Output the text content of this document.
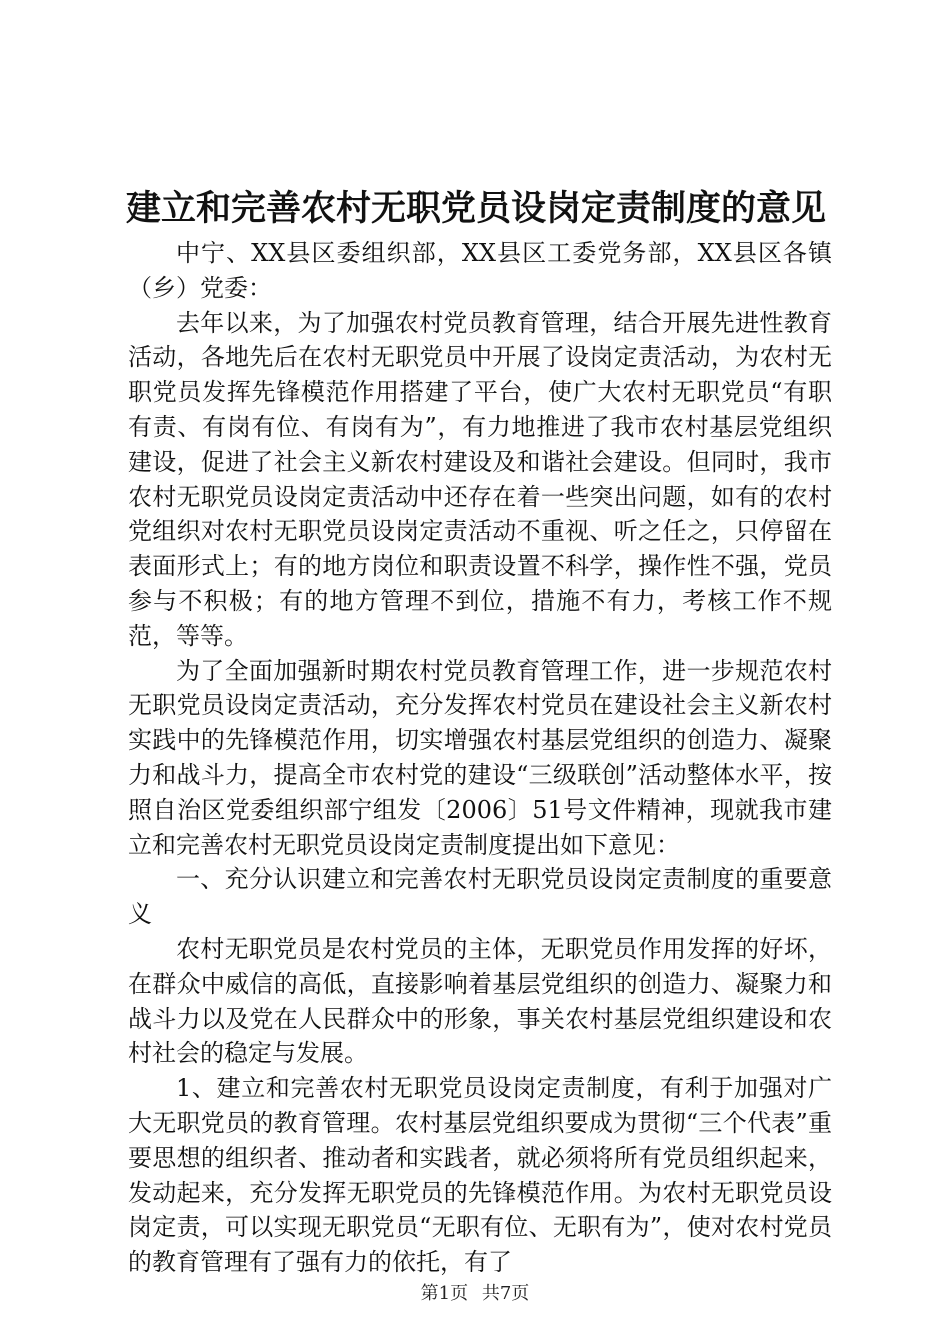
建立和完善农村无职党员设岗定责制度的意见

中宁、XX县区委组织部，XX县区工委党务部，XX县区各镇（乡）党委：

去年以来，为了加强农村党员教育管理，结合开展先进性教育活动，各地先后在农村无职党员中开展了设岗定责活动，为农村无职党员发挥先锋模范作用搭建了平台，使广大农村无职党员“有职有责、有岗有位、有岗有为”，有力地推进了我市农村基层党组织建设，促进了社会主义新农村建设及和谐社会建设。但同时，我市农村无职党员设岗定责活动中还存在着一些突出问题，如有的农村党组织对农村无职党员设岗定责活动不重视、听之任之，只停留在表面形式上；有的地方岗位和职责设置不科学，操作性不强，党员参与不积极；有的地方管理不到位，措施不有力，考核工作不规范，等等。

为了全面加强新时期农村党员教育管理工作，进一步规范农村无职党员设岗定责活动，充分发挥农村党员在建设社会主义新农村实践中的先锋模范作用，切实增强农村基层党组织的创造力、凝聚力和战斗力，提高全市农村党的建设“三级联创”活动整体水平，按照自治区党委组织部宁组发〔2006〕51号文件精神，现就我市建立和完善农村无职党员设岗定责制度提出如下意见：

一、充分认识建立和完善农村无职党员设岗定责制度的重要意义

农村无职党员是农村党员的主体，无职党员作用发挥的好坏，在群众中威信的高低，直接影响着基层党组织的创造力、凝聚力和战斗力以及党在人民群众中的形象，事关农村基层党组织建设和农村社会的稳定与发展。

1、建立和完善农村无职党员设岗定责制度，有利于加强对广大无职党员的教育管理。农村基层党组织要成为贯彻“三个代表”重要思想的组织者、推动者和实践者，就必须将所有党员组织起来，发动起来，充分发挥无职党员的先锋模范作用。为农村无职党员设岗定责，可以实现无职党员“无职有位、无职有为”，使对农村党员的教育管理有了强有力的依托，有了

第1页 共7页
